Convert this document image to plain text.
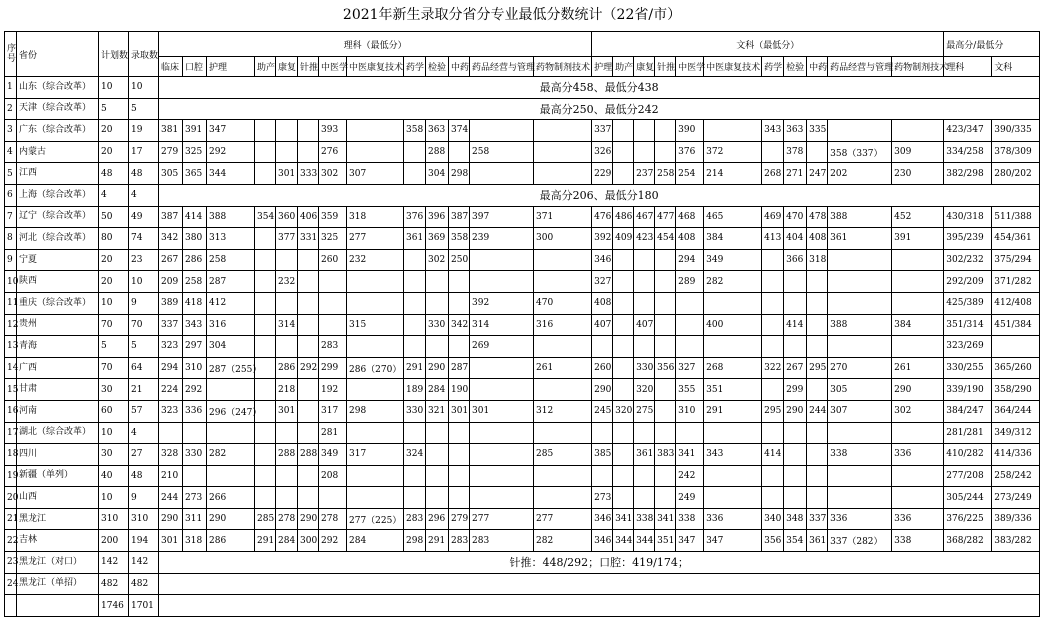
2021年新生录取分省分专业最低分数统计（22省/市）
序号	省份	计划数	录取数	理科（最低分）													文科（最低分）											最高分/最低分	
				临床	口腔	护理	助产	康复	针推	中医学	中医康复技术	药学	检验	中药	药品经营与管理	药物制剂技术	护理	助产	康复	针推	中医学	中医康复技术	药学	检验	中药	药品经营与管理	药物制剂技术	理科	文科
1	山东（综合改革）	10	10	最高分458、最低分438																									
2	天津（综合改革）	5	5	最高分250、最低分242																									
3	广东（综合改革）	20	19	381	391	347				393		358	363	374			337				390		343	363	335			423/347	390/335
4	内蒙古	20	17	279	325	292				276			288		258		326				376	372		378		358（337）	309	334/258	378/309
5	江西	48	48	305	365	344		301	333	302	307		304	298			229		237	258	254	214	268	271	247	202	230	382/298	280/202
6	上海（综合改革）	4	4	最高分206、最低分180																									
7	辽宁（综合改革）	50	49	387	414	388	354	360	406	359	318	376	396	387	397	371	476	486	467	477	468	465	469	470	478	388	452	430/318	511/388
8	河北（综合改革）	80	74	342	380	313		377	331	325	277	361	369	358	239	300	392	409	423	454	408	384	413	404	408	361	391	395/239	454/361
9	宁夏	20	23	267	286	258				260	232		302	250			346				294	349		366	318			302/232	375/294
10	陕西	20	10	209	258	287		232									327				289	282						292/209	371/282
11	重庆（综合改革）	10	9	389	418	412									392	470	408											425/389	412/408
12	贵州	70	70	337	343	316		314			315		330	342	314	316	407		407			400		414		388	384	351/314	451/384
13	青海	5	5	323	297	304				283					269													323/269	
14	广西	70	64	294	310	287（255）		286	292	299	286（270）	291	290	287		261	260		330	356	327	268	322	267	295	270	261	330/255	365/260
15	甘肃	30	21	224	292			218		192		189	284	190			290		320		355	351		299		305	290	339/190	358/290
16	河南	60	57	323	336	296（247）		301		317	298	330	321	301	301	312	245	320	275		310	291	295	290	244	307	302	384/247	364/244
17	湖北（综合改革）	10	4							281																		281/281	349/312
18	四川	30	27	328	330	282		288	288	349	317	324				285	385		361	383	341	343	414			338	336	410/282	414/336
19	新疆（单列）	40	48	210						208											242							277/208	258/242
20	山西	10	9	244	273	266											273				249							305/244	273/249
21	黑龙江	310	310	290	311	290	285	278	290	278	277（225）	283	296	279	277	277	346	341	338	341	338	336	340	348	337	336	336	376/225	389/336
22	吉林	200	194	301	318	286	291	284	300	292	284	298	291	283	283	282	346	344	344	351	347	347	356	354	361	337（282）	338	368/282	383/282
23	黑龙江（对口）	142	142	针推：448/292；口腔：419/174；																									
24	黑龙江（单招）	482	482																										
		1746	1701																										
